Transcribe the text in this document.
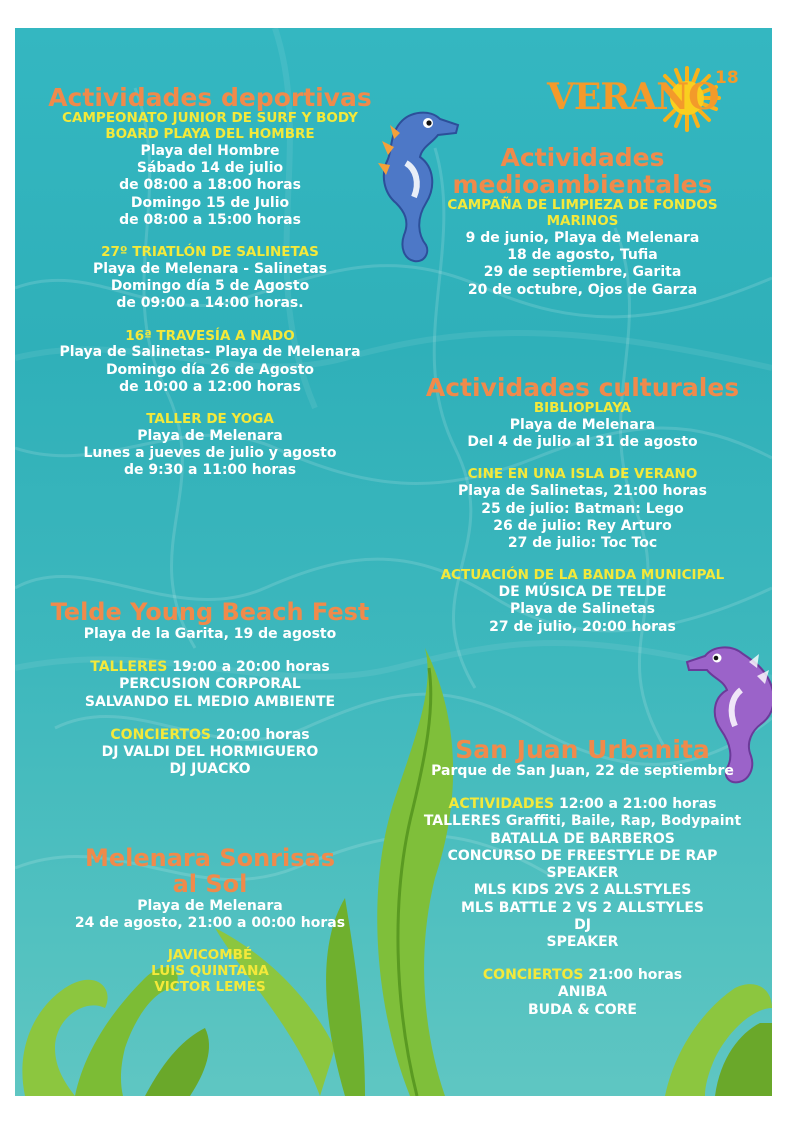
VERANO
18
Actividades deportivas
CAMPEONATO JUNIOR DE SURF Y BODY BOARD PLAYA DEL HOMBRE
Playa del Hombre
Sábado 14 de julio
de 08:00 a 18:00 horas
Domingo 15 de Julio
de 08:00 a 15:00 horas
27º TRIATLÓN DE SALINETAS
Playa de Melenara - Salinetas
Domingo día 5 de Agosto
de 09:00 a 14:00 horas.
16ª TRAVESÍA A NADO
Playa de Salinetas- Playa de Melenara
Domingo día 26 de Agosto
de 10:00 a 12:00 horas
TALLER DE YOGA
Playa de Melenara
Lunes a jueves de julio y agosto
de 9:30 a 11:00 horas
Telde Young Beach Fest
Playa de la Garita, 19 de agosto
TALLERES 19:00 a 20:00 horas
PERCUSION CORPORAL
SALVANDO EL MEDIO AMBIENTE
CONCIERTOS 20:00 horas
DJ VALDI DEL HORMIGUERO
DJ JUACKO
Melenara Sonrisas
al Sol
Playa de Melenara
24 de agosto, 21:00 a 00:00 horas
JAVICOMBÉ
LUIS QUINTANA
VICTOR LEMES
Actividades
medioambientales
CAMPAÑA DE LIMPIEZA DE FONDOS
MARINOS
9 de junio, Playa de Melenara
18 de agosto, Tufia
29 de septiembre, Garita
20 de octubre, Ojos de Garza
Actividades culturales
BIBLIOPLAYA
Playa de Melenara
Del 4 de julio al 31 de agosto
CINE EN UNA ISLA DE VERANO
Playa de Salinetas, 21:00 horas
25 de julio: Batman: Lego
26 de julio: Rey Arturo
27 de julio: Toc Toc
ACTUACIÓN DE LA BANDA MUNICIPAL
DE MÚSICA DE TELDE
Playa de Salinetas
27 de julio, 20:00 horas
San Juan Urbanita
Parque de San Juan, 22 de septiembre
ACTIVIDADES 12:00 a 21:00 horas
TALLERES Graffiti, Baile, Rap, Bodypaint
BATALLA DE BARBEROS
CONCURSO DE FREESTYLE DE RAP
SPEAKER
MLS KIDS 2VS 2 ALLSTYLES
MLS BATTLE 2 VS 2 ALLSTYLES
DJ
SPEAKER
CONCIERTOS 21:00 horas
ANIBA
BUDA & CORE
